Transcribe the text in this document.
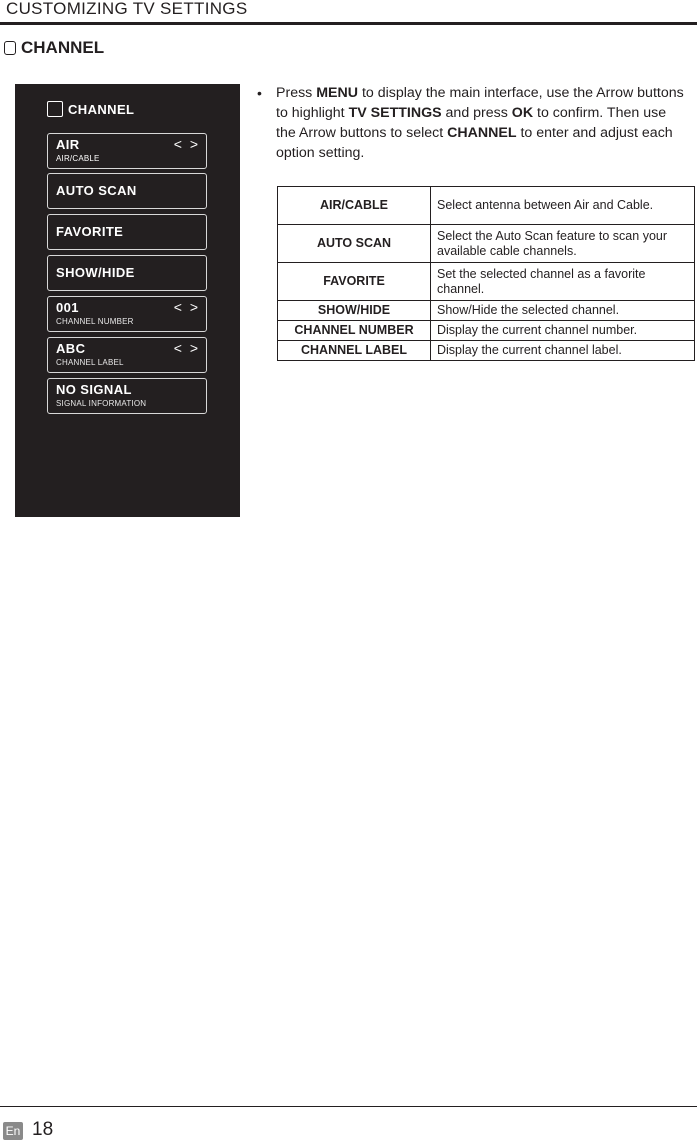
CUSTOMIZING TV SETTINGS
CHANNEL
CHANNEL
AIR
AIR/CABLE
< >
AUTO SCAN
FAVORITE
SHOW/HIDE
001
CHANNEL NUMBER
< >
ABC
CHANNEL LABEL
< >
NO SIGNAL
SIGNAL INFORMATION
• Press MENU to display the main interface, use the Arrow buttons to highlight TV SETTINGS and press OK to confirm. Then use the Arrow buttons to select CHANNEL to enter and adjust each option setting.
AIR/CABLE	Select antenna between Air and Cable.
AUTO SCAN	Select the Auto Scan feature to scan your available cable channels.
FAVORITE	Set the selected channel as a favorite channel.
SHOW/HIDE	Show/Hide the selected channel.
CHANNEL NUMBER	Display the current channel number.
CHANNEL LABEL	Display the current channel label.
En 18
